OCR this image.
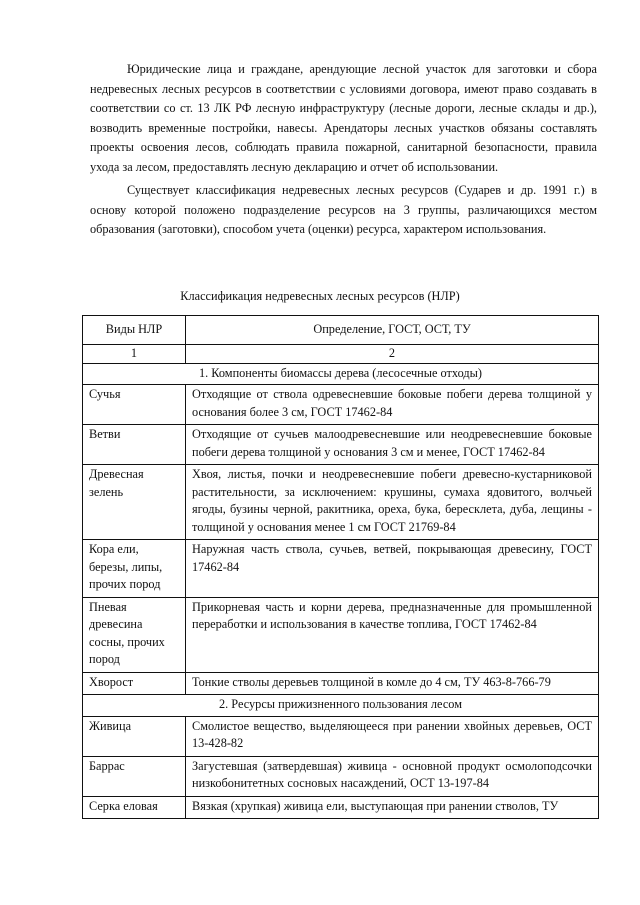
Юридические лица и граждане, арендующие лесной участок для заготовки и сбора недревесных лесных ресурсов в соответствии с условиями договора, имеют право создавать в соответствии со ст. 13 ЛК РФ лесную инфраструктуру (лесные дороги, лесные склады и др.), возводить временные постройки, навесы. Арендаторы лесных участков обязаны составлять проекты освоения лесов, соблюдать правила пожарной, санитарной безопасности, правила ухода за лесом, предоставлять лесную декларацию и отчет об использовании.

Существует классификация недревесных лесных ресурсов (Сударев и др. 1991 г.) в основу которой положено подразделение ресурсов на 3 группы, различающихся местом образования (заготовки), способом учета (оценки) ресурса, характером использования.

Классификация недревесных лесных ресурсов (НЛР)
Виды НЛР	Определение, ГОСТ, ОСТ, ТУ
1	2
1. Компоненты биомассы дерева (лесосечные отходы)	
Сучья	Отходящие от ствола одревесневшие боковые побеги дерева толщиной у основания более 3 см, ГОСТ 17462-84
Ветви	Отходящие от сучьев малоодревесневшие или неодревесневшие боковые побеги дерева толщиной у основания 3 см и менее, ГОСТ 17462-84
Древесная зелень	Хвоя, листья, почки и неодревесневшие побеги древесно-кустарниковой растительности, за исключением: крушины, сумаха ядовитого, волчьей ягоды, бузины черной, ракитника, ореха, бука, бересклета, дуба, лещины - толщиной у основания менее 1 см ГОСТ 21769-84
Кора ели, березы, липы, прочих пород	Наружная часть ствола, сучьев, ветвей, покрывающая древесину, ГОСТ 17462-84
Пневая древесина сосны, прочих пород	Прикорневая часть и корни дерева, предназначенные для промышленной переработки и использования в качестве топлива, ГОСТ 17462-84
Хворост	Тонкие стволы деревьев толщиной в комле до 4 см, ТУ 463-8-766-79
2. Ресурсы прижизненного пользования лесом	
Живица	Смолистое вещество, выделяющееся при ранении хвойных деревьев, ОСТ 13-428-82
Баррас	Загустевшая (затвердевшая) живица - основной продукт осмолоподсочки низкобонитетных сосновых насаждений, ОСТ 13-197-84
Серка еловая	Вязкая (хрупкая) живица ели, выступающая при ранении стволов, ТУ
